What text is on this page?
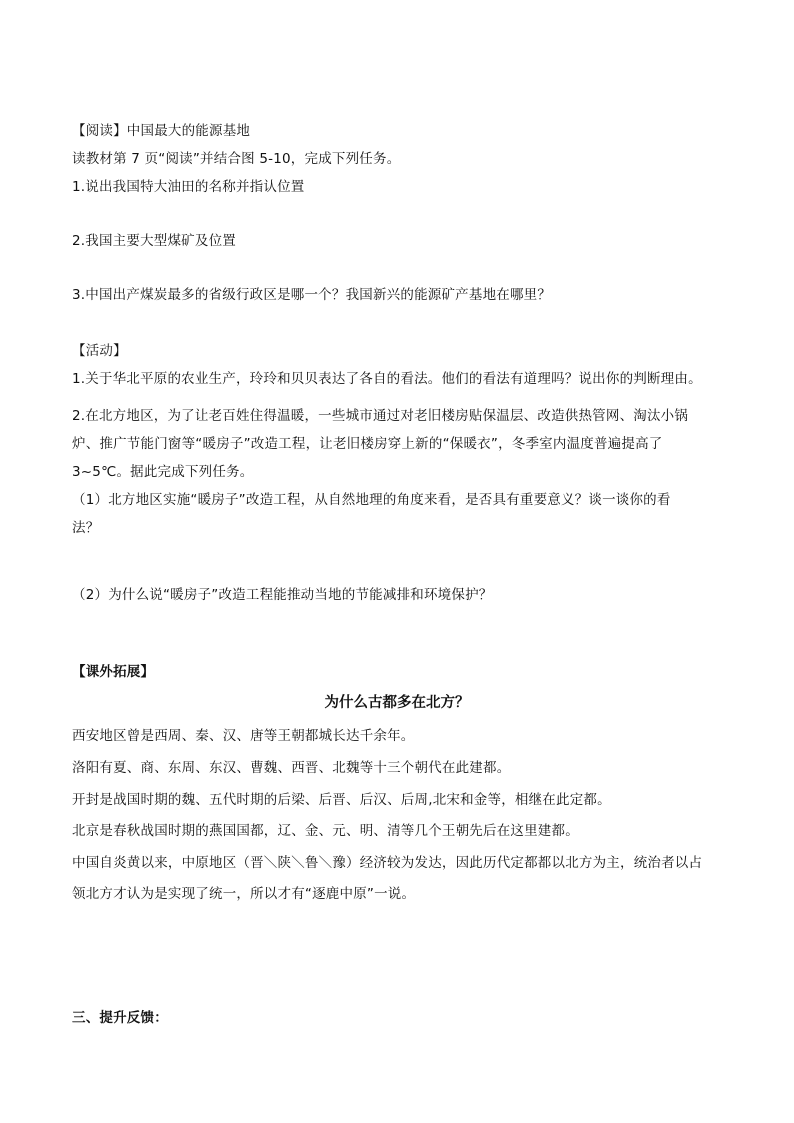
【阅读】中国最大的能源基地
读教材第 7 页“阅读”并结合图 5-10，完成下列任务。
1.说出我国特大油田的名称并指认位置
2.我国主要大型煤矿及位置
3.中国出产煤炭最多的省级行政区是哪一个？我国新兴的能源矿产基地在哪里？
【活动】
1.关于华北平原的农业生产，玲玲和贝贝表达了各自的看法。他们的看法有道理吗？说出你的判断理由。
2.在北方地区，为了让老百姓住得温暖，一些城市通过对老旧楼房贴保温层、改造供热管网、淘汰小锅
炉、推广节能门窗等“暖房子”改造工程，让老旧楼房穿上新的“保暖衣”，冬季室内温度普遍提高了
3~5℃。据此完成下列任务。
（1）北方地区实施“暖房子”改造工程，从自然地理的角度来看，是否具有重要意义？谈一谈你的看
法？
（2）为什么说“暖房子”改造工程能推动当地的节能减排和环境保护？
【课外拓展】
为什么古都多在北方？
西安地区曾是西周、秦、汉、唐等王朝都城长达千余年。
洛阳有夏、商、东周、东汉、曹魏、西晋、北魏等十三个朝代在此建都。
开封是战国时期的魏、五代时期的后梁、后晋、后汉、后周,北宋和金等，相继在此定都。
北京是春秋战国时期的燕国国都，辽、金、元、明、清等几个王朝先后在这里建都。
中国自炎黄以来，中原地区（晋＼陕＼鲁＼豫）经济较为发达，因此历代定都都以北方为主，统治者以占
领北方才认为是实现了统一，所以才有“逐鹿中原”一说。
三、提升反馈：
